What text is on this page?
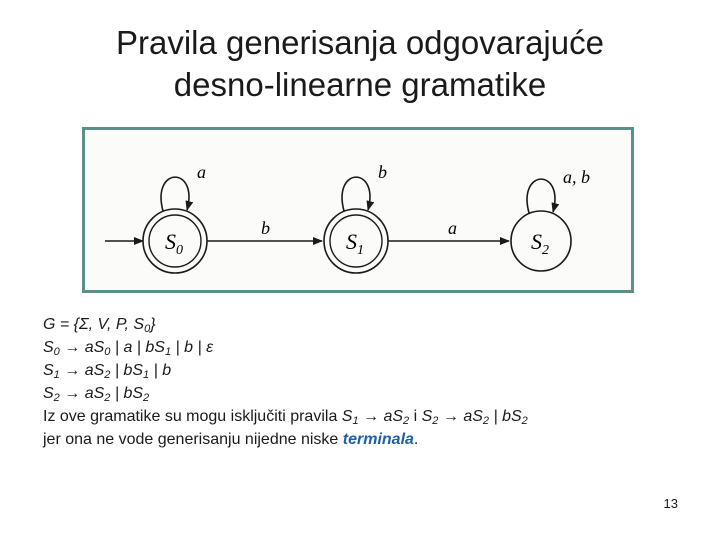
Pravila generisanja odgovarajuće
desno-linearne gramatike
$S_0$	$S_1$	$S_2$
a	b	a, b
b	a
G = {Σ, V, P, $S_0$}
$S_0 \to aS_0$ | a | $bS_1$ | b | ε
$S_1 \to aS_2$ | $bS_1$ | b
$S_2 \to aS_2$ | $bS_2$
Iz ove gramatike su mogu isključiti pravila $S_1 \to aS_2$ i $S_2 \to aS_2$ | $bS_2$
jer ona ne vode generisanju nijedne niske terminala.
13
